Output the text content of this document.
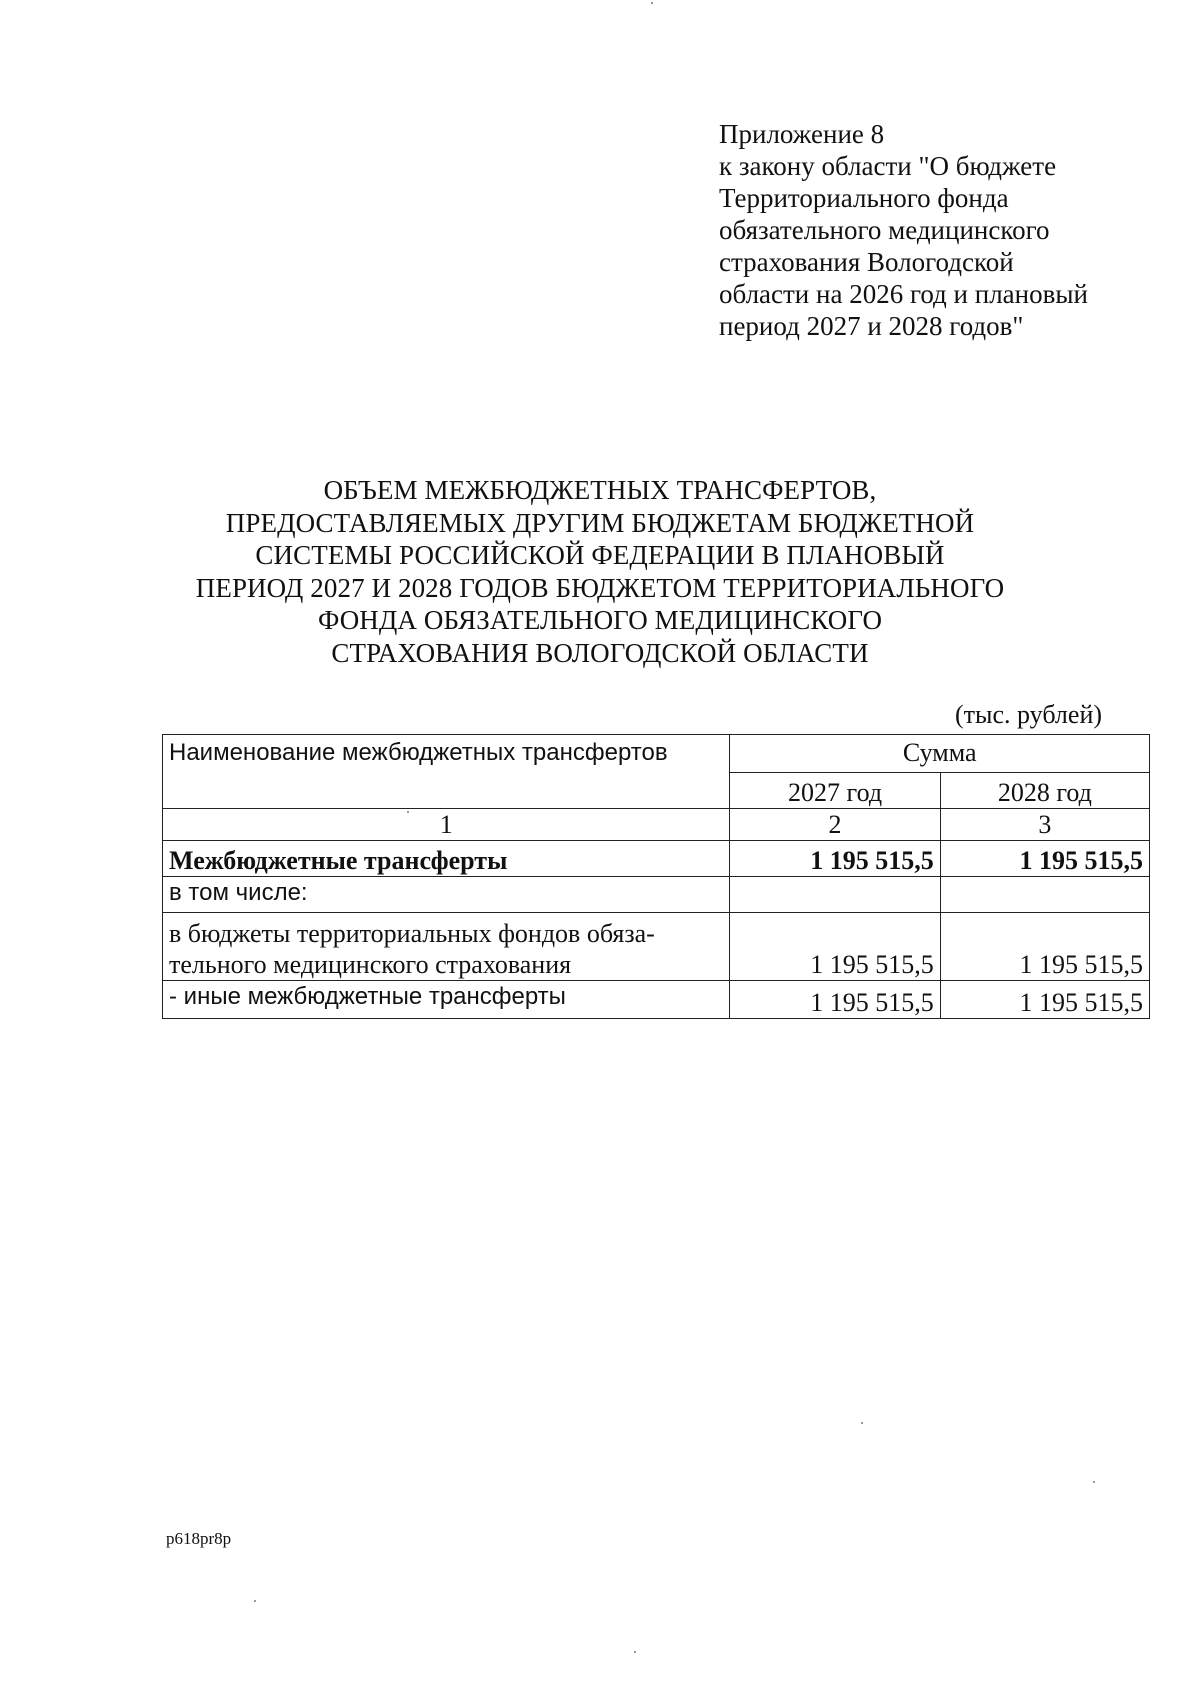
Приложение 8
к закону области "О бюджете
Территориального фонда
обязательного медицинского
страхования Вологодской
области на 2026 год и плановый
период 2027 и 2028 годов"
ОБЪЕМ МЕЖБЮДЖЕТНЫХ ТРАНСФЕРТОВ,
ПРЕДОСТАВЛЯЕМЫХ ДРУГИМ БЮДЖЕТАМ БЮДЖЕТНОЙ
СИСТЕМЫ РОССИЙСКОЙ ФЕДЕРАЦИИ В ПЛАНОВЫЙ
ПЕРИОД 2027 И 2028 ГОДОВ БЮДЖЕТОМ ТЕРРИТОРИАЛЬНОГО
ФОНДА ОБЯЗАТЕЛЬНОГО МЕДИЦИНСКОГО
СТРАХОВАНИЯ ВОЛОГОДСКОЙ ОБЛАСТИ
(тыс. рублей)
Наименование межбюджетных трансфертов	Сумма	
	2027 год	2028 год
1	2	3
Межбюджетные трансферты	1 195 515,5	1 195 515,5
в том числе:		

в бюджеты территориальных фондов обяза-
тельного медицинского страхования	1 195 515,5	1 195 515,5
- иные межбюджетные трансферты	1 195 515,5	1 195 515,5
p618pr8p
